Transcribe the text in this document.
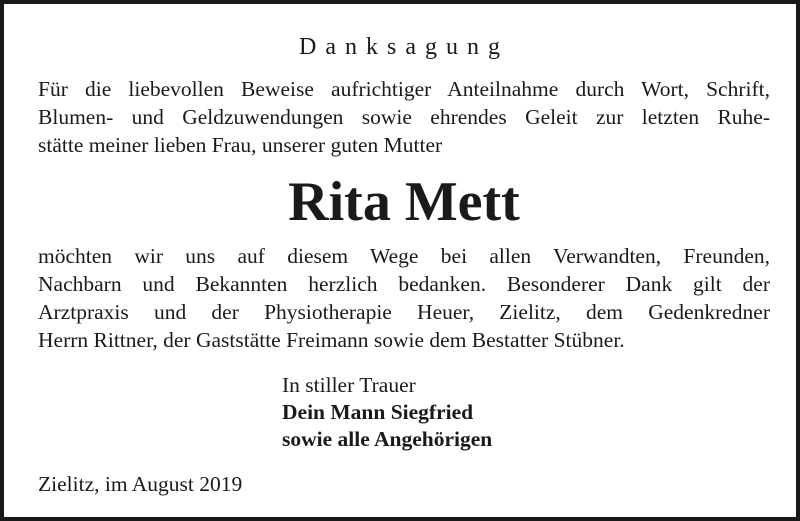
Danksagung
Für die liebevollen Beweise aufrichtiger Anteilnahme durch Wort, Schrift,
Blumen- und Geldzuwendungen sowie ehrendes Geleit zur letzten Ruhe-
stätte meiner lieben Frau, unserer guten Mutter
Rita Mett
möchten wir uns auf diesem Wege bei allen Verwandten, Freunden,
Nachbarn und Bekannten herzlich bedanken. Besonderer Dank gilt der
Arztpraxis und der Physiotherapie Heuer, Zielitz, dem Gedenkredner
Herrn Rittner, der Gaststätte Freimann sowie dem Bestatter Stübner.
In stiller Trauer
Dein Mann Siegfried
sowie alle Angehörigen
Zielitz, im August 2019
